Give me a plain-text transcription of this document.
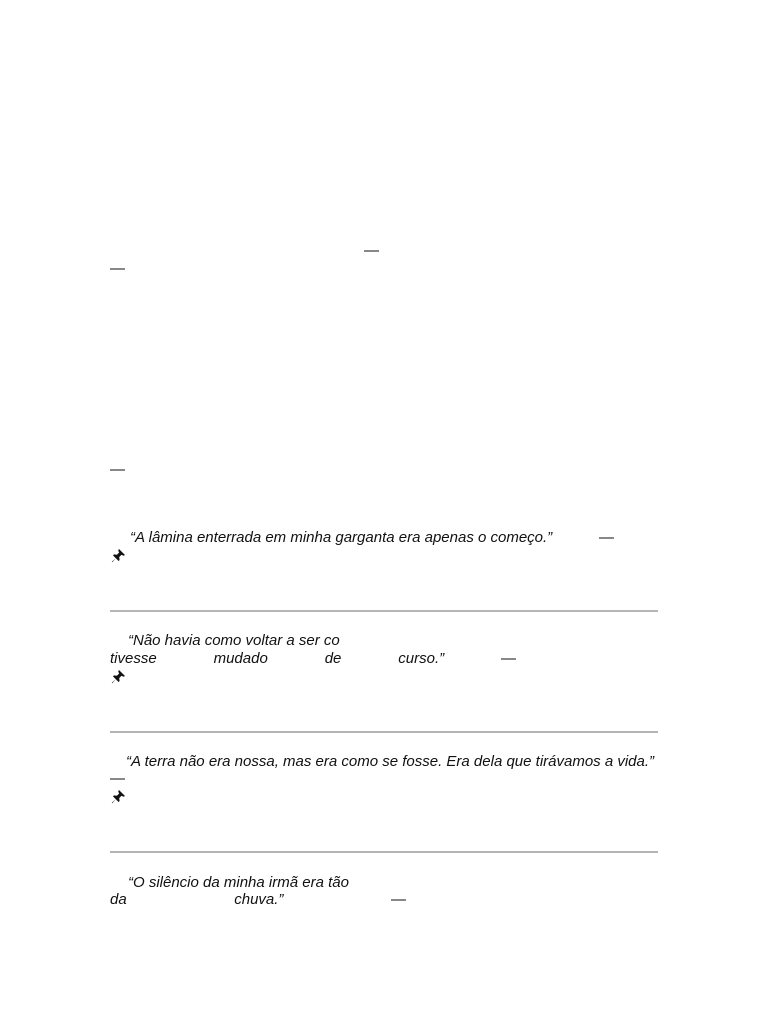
—
—
—
“A lâmina enterrada em minha garganta era apenas o começo.”	—
“Não havia como voltar a ser co
tivesse	mudado	de	curso.”	—
“A terra não era nossa, mas era como se fosse. Era dela que tirávamos a vida.”
—
“O silêncio da minha irmã era tão
da	chuva.”	—
